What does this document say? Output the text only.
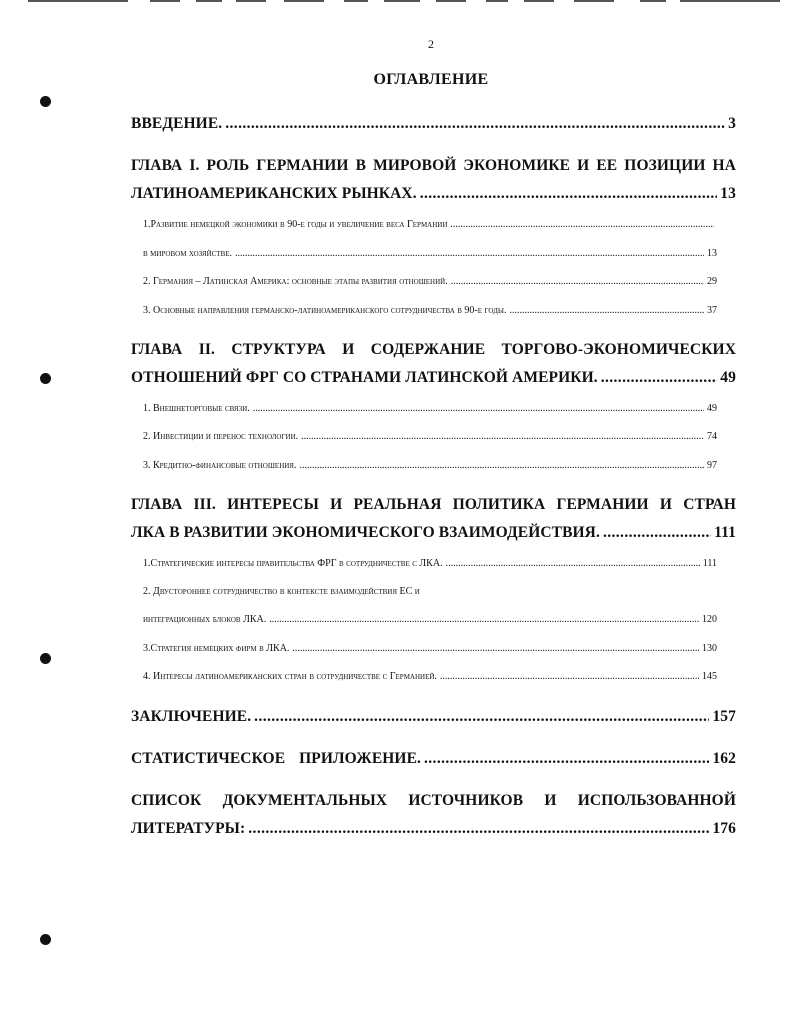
2
ОГЛАВЛЕНИЕ
ВВЕДЕНИЕ. .....	3
ГЛАВА I. РОЛЬ ГЕРМАНИИ В МИРОВОЙ ЭКОНОМИКЕ И ЕЕ ПОЗИЦИИ НА
ЛАТИНОАМЕРИКАНСКИХ РЫНКАХ. .....	13
1.Развитие немецкой экономики в 90-е годы и увеличение веса Германии
.....
в мировом хозяйстве. .....	13
2. Германия – Латинская Америка: основные этапы развития отношений. .....	29
3. Основные направления германско-латиноамериканского сотрудничества в 90-е годы. .....	37
ГЛАВА II. СТРУКТУРА И СОДЕРЖАНИЕ ТОРГОВО-ЭКОНОМИЧЕСКИХ
ОТНОШЕНИЙ ФРГ СО СТРАНАМИ ЛАТИНСКОЙ АМЕРИКИ. .....	49
1. Внешнеторговые связи. .....	49
2. Инвестиции и перенос технологии. .....	74
3. Кредитно-финансовые отношения. .....	97
ГЛАВА III. ИНТЕРЕСЫ И РЕАЛЬНАЯ ПОЛИТИКА ГЕРМАНИИ И СТРАН
ЛКА В РАЗВИТИИ ЭКОНОМИЧЕСКОГО ВЗАИМОДЕЙСТВИЯ. .....	111
1.Стратегические интересы правительства ФРГ в сотрудничестве с ЛКА. .....	111
2. Двустороннее сотрудничество в контексте взаимодействия ЕС и
интеграционных блоков ЛКА. .....	120
3.Стратегия немецких фирм в ЛКА. .....	130
4. Интересы латиноамериканских стран в сотрудничестве с Германией. .....	145
ЗАКЛЮЧЕНИЕ. .....	157
СТАТИСТИЧЕСКОЕ ПРИЛОЖЕНИЕ. .....	162
СПИСОК ДОКУМЕНТАЛЬНЫХ ИСТОЧНИКОВ И ИСПОЛЬЗОВАННОЙ
ЛИТЕРАТУРЫ: .....	176
